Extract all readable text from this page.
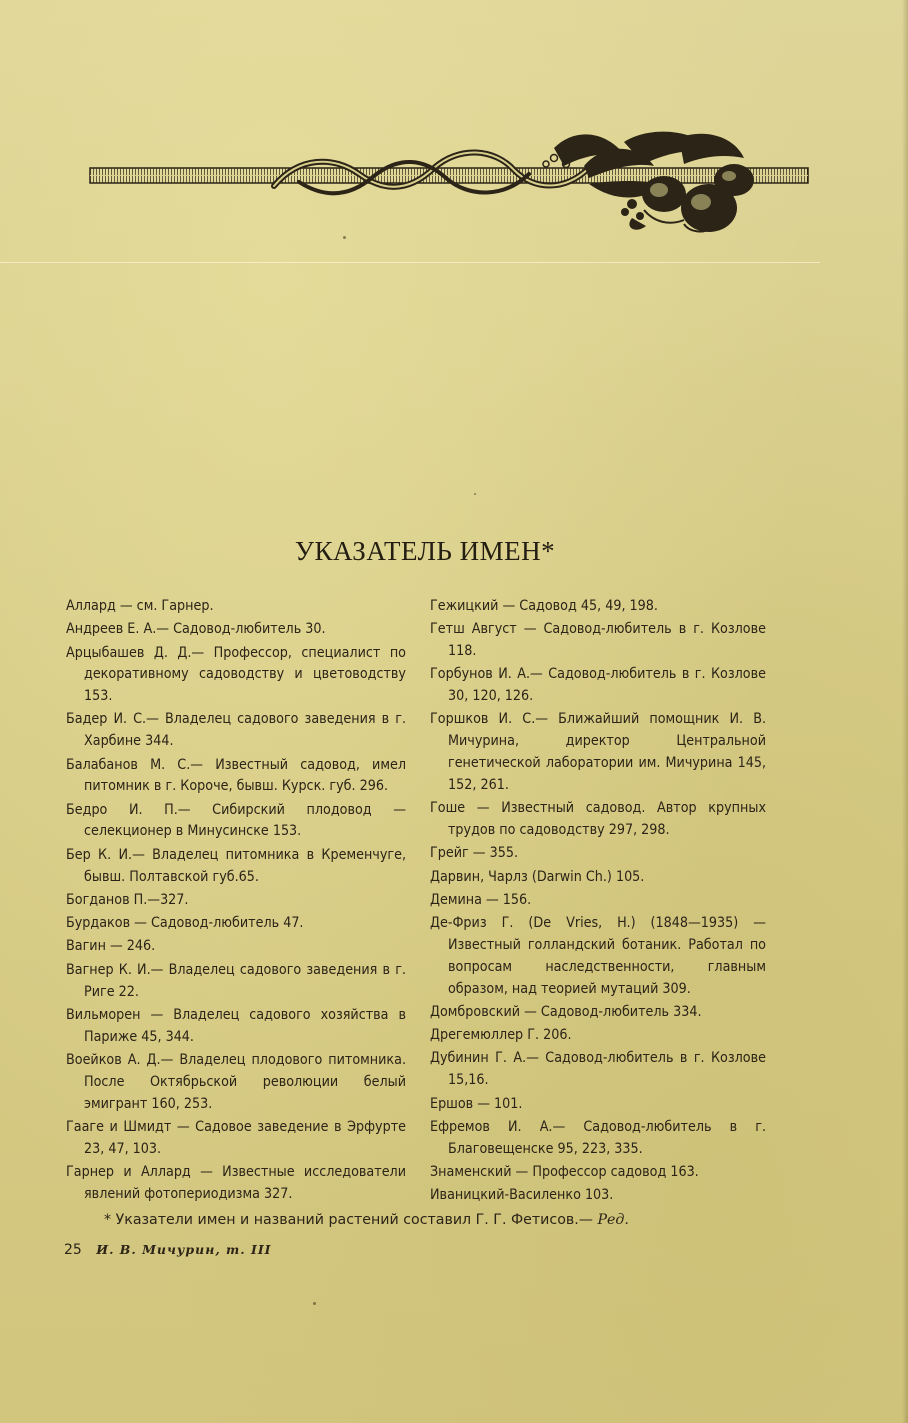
УКАЗАТЕЛЬ ИМЕН*

Аллард — см. Гарнер.

Андреев Е. А.— Садовод-любитель 30.

Арцыбашев Д. Д.— Профессор, специалист по декоративному садоводству и цветоводству 153.

Бадер И. С.— Владелец садового заведения в г. Харбине 344.

Балабанов М. С.— Известный садовод, имел питомник в г. Короче, бывш. Курск. губ. 296.

Бедро И. П.— Сибирский плодовод — селекционер в Минусинске 153.

Бер К. И.— Владелец питомника в Кременчуге, бывш. Полтавской губ.65.

Богданов П.—327.

Бурдаков — Садовод-любитель 47.

Вагин — 246.

Вагнер К. И.— Владелец садового заведения в г. Риге 22.

Вильморен — Владелец садового хозяйства в Париже 45, 344.

Воейков А. Д.— Владелец плодового питомника. После Октябрьской революции белый эмигрант 160, 253.

Гааге и Шмидт — Садовое заведение в Эрфурте 23, 47, 103.

Гарнер и Аллард — Известные исследователи явлений фотопериодизма 327.

Гежицкий — Садовод 45, 49, 198.

Гетш Август — Садовод-любитель в г. Козлове 118.

Горбунов И. А.— Садовод-любитель в г. Козлове 30, 120, 126.

Горшков И. С.— Ближайший помощник И. В. Мичурина, директор Центральной генетической лаборатории им. Мичурина 145, 152, 261.

Гоше — Известный садовод. Автор крупных трудов по садоводству 297, 298.

Грейг — 355.

Дарвин, Чарлз (Darwin Ch.) 105.

Демина — 156.

Де-Фриз Г. (De Vries, H.) (1848—1935) — Известный голландский ботаник. Работал по вопросам наследственности, главным образом, над теорией мутаций 309.

Домбровский — Садовод-любитель 334.

Дрегемюллер Г. 206.

Дубинин Г. А.— Садовод-любитель в г. Козлове 15,16.

Ершов — 101.

Ефремов И. А.— Садовод-любитель в г. Благовещенске 95, 223, 335.

Знаменский — Профессор садовод 163.

Иваницкий-Василенко 103.

* Указатели имен и названий растений составил Г. Г. Фетисов.— Ред.
25 И. В. Мичурин, т. III
